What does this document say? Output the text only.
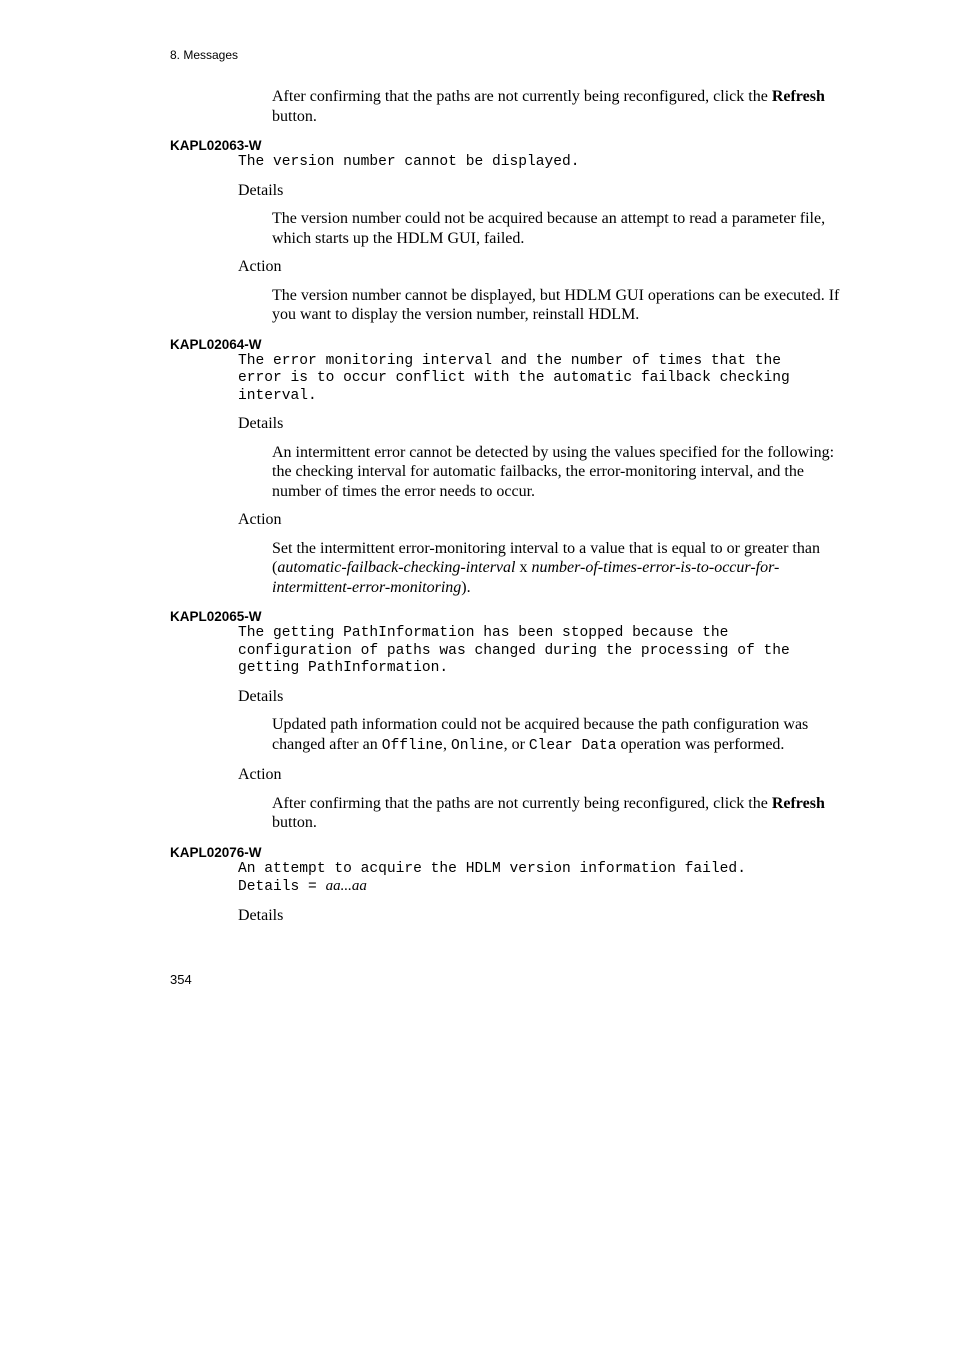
8. Messages
After confirming that the paths are not currently being reconfigured, click the Refresh button.
KAPL02063-W
The version number cannot be displayed.
Details
The version number could not be acquired because an attempt to read a parameter file, which starts up the HDLM GUI, failed.
Action
The version number cannot be displayed, but HDLM GUI operations can be executed. If you want to display the version number, reinstall HDLM.
KAPL02064-W
The error monitoring interval and the number of times that the
error is to occur conflict with the automatic failback checking
interval.
Details
An intermittent error cannot be detected by using the values specified for the following: the checking interval for automatic failbacks, the error-monitoring interval, and the number of times the error needs to occur.
Action
Set the intermittent error-monitoring interval to a value that is equal to or greater than (automatic-failback-checking-interval x number-of-times-error-is-to-occur-for-intermittent-error-monitoring).
KAPL02065-W
The getting PathInformation has been stopped because the
configuration of paths was changed during the processing of the
getting PathInformation.
Details
Updated path information could not be acquired because the path configuration was changed after an Offline, Online, or Clear Data operation was performed.
Action
After confirming that the paths are not currently being reconfigured, click the Refresh button.
KAPL02076-W
An attempt to acquire the HDLM version information failed.
Details = aa...aa
Details
354
